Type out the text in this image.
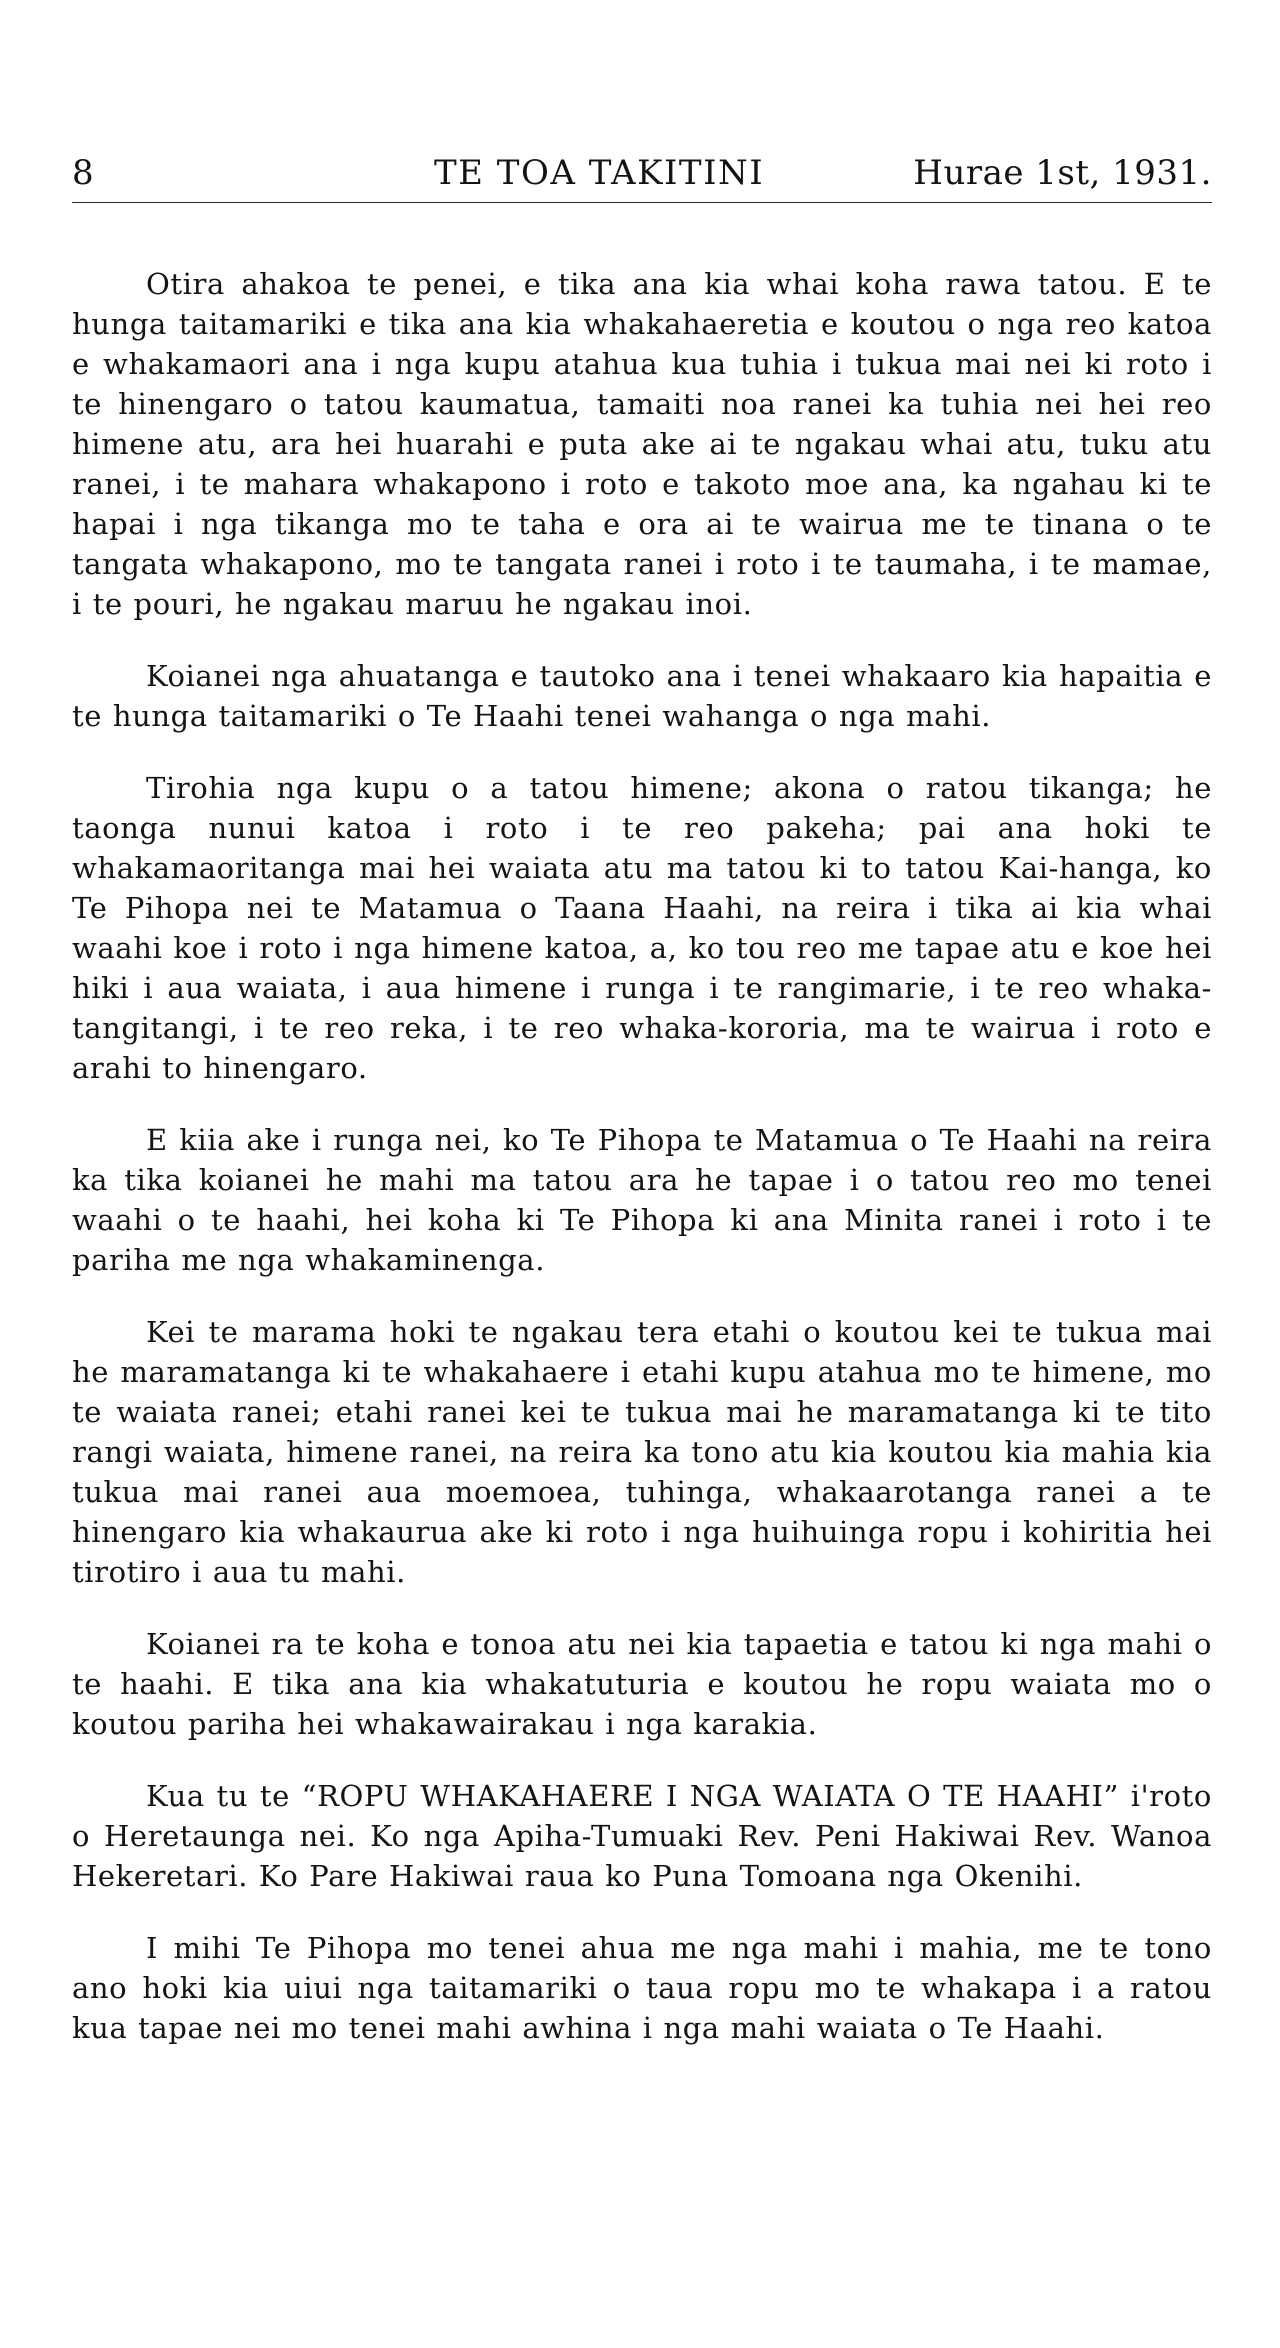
8	TE TOA TAKITINI	Hurae 1st, 1931.

Otira ahakoa te penei, e tika ana kia whai koha rawa tatou. E te hunga taitamariki e tika ana kia whakahaeretia e koutou o nga reo katoa e whakamaori ana i nga kupu atahua kua tuhia i tukua mai nei ki roto i te hinengaro o tatou kaumatua, tamaiti noa ranei ka tuhia nei hei reo himene atu, ara hei huarahi e puta ake ai te ngakau whai atu, tuku atu ranei, i te mahara whakapono i roto e takoto moe ana, ka ngahau ki te hapai i nga tikanga mo te taha e ora ai te wairua me te tinana o te tangata whakapono, mo te tangata ranei i roto i te taumaha, i te mamae, i te pouri, he ngakau maruu he ngakau inoi.

Koianei nga ahuatanga e tautoko ana i tenei whakaaro kia hapaitia e te hunga taitamariki o Te Haahi tenei wahanga o nga mahi.

Tirohia nga kupu o a tatou himene; akona o ratou tikanga; he taonga nunui katoa i roto i te reo pakeha; pai ana hoki te whakamaoritanga mai hei waiata atu ma tatou ki to tatou Kai-hanga, ko Te Pihopa nei te Matamua o Taana Haahi, na reira i tika ai kia whai waahi koe i roto i nga himene katoa, a, ko tou reo me tapae atu e koe hei hiki i aua waiata, i aua himene i runga i te rangimarie, i te reo whaka-tangitangi, i te reo reka, i te reo whaka-kororia, ma te wairua i roto e arahi to hinengaro.

E kiia ake i runga nei, ko Te Pihopa te Matamua o Te Haahi na reira ka tika koianei he mahi ma tatou ara he tapae i o tatou reo mo tenei waahi o te haahi, hei koha ki Te Pihopa ki ana Minita ranei i roto i te pariha me nga whakaminenga.

Kei te marama hoki te ngakau tera etahi o koutou kei te tukua mai he maramatanga ki te whakahaere i etahi kupu atahua mo te himene, mo te waiata ranei; etahi ranei kei te tukua mai he maramatanga ki te tito rangi waiata, himene ranei, na reira ka tono atu kia koutou kia mahia kia tukua mai ranei aua moemoea, tuhinga, whakaarotanga ranei a te hinengaro kia whakaurua ake ki roto i nga huihuinga ropu i kohiritia hei tirotiro i aua tu mahi.

Koianei ra te koha e tonoa atu nei kia tapaetia e tatou ki nga mahi o te haahi. E tika ana kia whakatuturia e koutou he ropu waiata mo o koutou pariha hei whakawairakau i nga karakia.

Kua tu te “ROPU WHAKAHAERE I NGA WAIATA O TE HAAHI” i'roto o Heretaunga nei. Ko nga Apiha-Tumuaki Rev. Peni Hakiwai Rev. Wanoa Hekeretari. Ko Pare Hakiwai raua ko Puna Tomoana nga Okenihi.

I mihi Te Pihopa mo tenei ahua me nga mahi i mahia, me te tono ano hoki kia uiui nga taitamariki o taua ropu mo te whakapa i a ratou kua tapae nei mo tenei mahi awhina i nga mahi waiata o Te Haahi.
